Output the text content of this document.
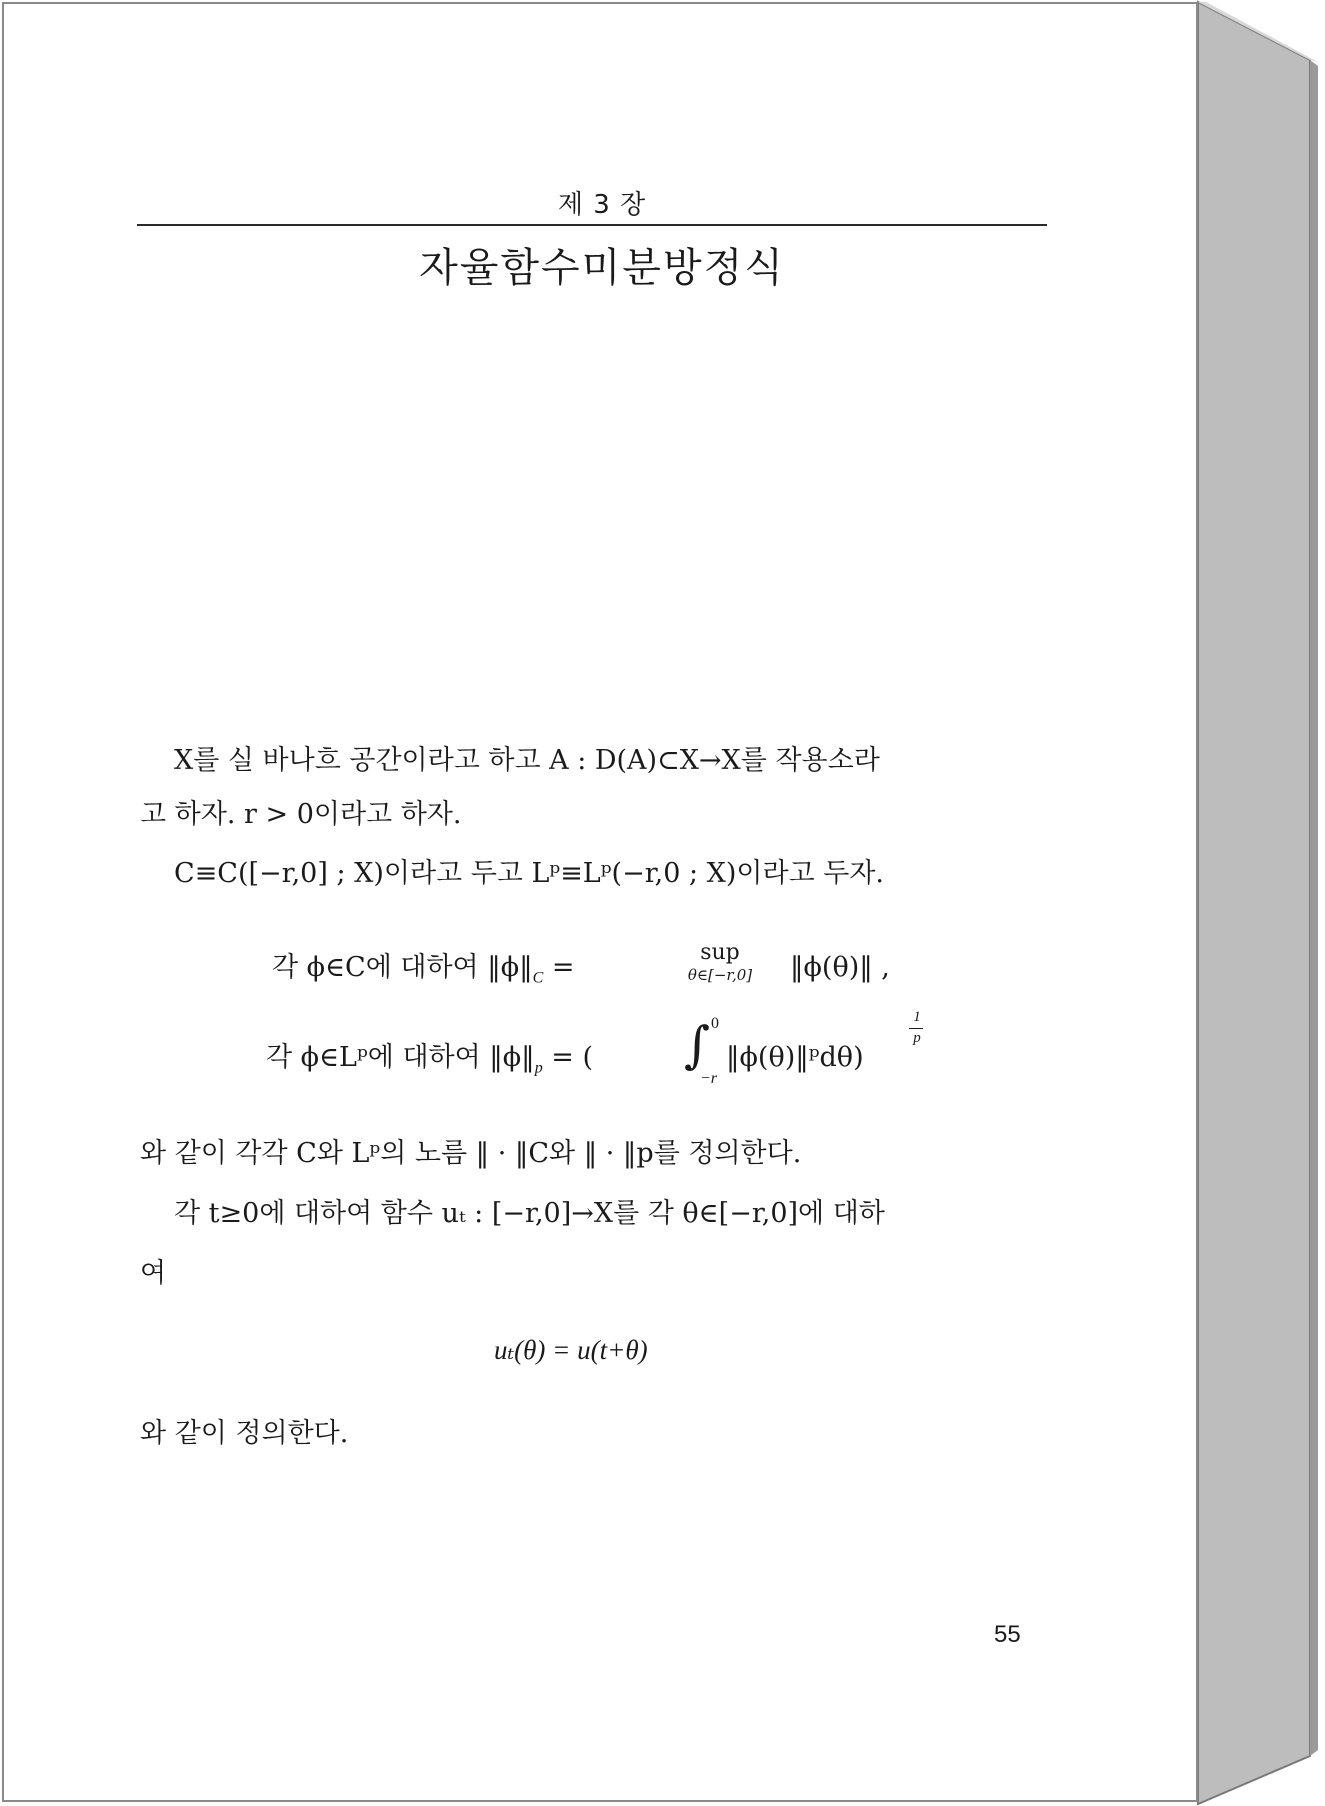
제 3 장
자율함수미분방정식
X를 실 바나흐 공간이라고 하고 A : D(A)⊂X→X를 작용소라
고 하자. r > 0이라고 하자.
C≡C([−r,0] ; X)이라고 두고 Lᵖ≡Lᵖ(−r,0 ; X)이라고 두자.
각 ϕ∈C에 대하여 $‖\phi‖_C$ =	sup
θ∈[−r,0]	‖ϕ(θ)‖ ,
각 ϕ∈Lᵖ에 대하여 $‖\phi‖_p$ = ( ∫ 0
−r
‖ϕ(θ)‖ᵖdθ)
1
p
와 같이 각각 C와 Lᵖ의 노름 ‖ · ‖C와 ‖ · ‖p를 정의한다.
각 t≥0에 대하여 함수 uₜ : [−r,0]→X를 각 θ∈[−r,0]에 대하
여
uₜ(θ) = u(t+θ)
와 같이 정의한다.
55
